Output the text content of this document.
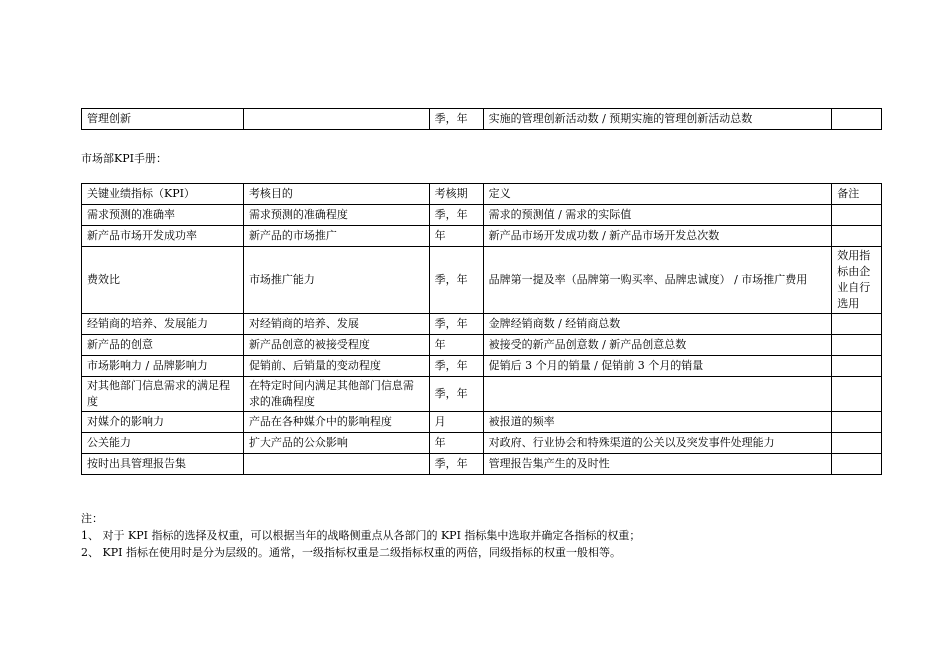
管理创新		季，年	实施的管理创新活动数 / 预期实施的管理创新活动总数	
市场部KPI手册：
关键业绩指标（KPI）	考核目的	考核期	定义	备注
需求预测的准确率	需求预测的准确程度	季，年	需求的预测值 / 需求的实际值	
新产品市场开发成功率	新产品的市场推广	年	新产品市场开发成功数 / 新产品市场开发总次数	
费效比	市场推广能力	季，年	品牌第一提及率（品牌第一购买率、品牌忠诚度） / 市场推广费用	效用指标由企业自行选用
经销商的培养、发展能力	对经销商的培养、发展	季，年	金牌经销商数 / 经销商总数	
新产品的创意	新产品创意的被接受程度	年	被接受的新产品创意数 / 新产品创意总数	
市场影响力 / 品牌影响力	促销前、后销量的变动程度	季，年	促销后 3 个月的销量 / 促销前 3 个月的销量	
对其他部门信息需求的满足程度	在特定时间内满足其他部门信息需求的准确程度	季，年		
对媒介的影响力	产品在各种媒介中的影响程度	月	被报道的频率	
公关能力	扩大产品的公众影响	年	对政府、行业协会和特殊渠道的公关以及突发事件处理能力	
按时出具管理报告集		季，年	管理报告集产生的及时性	
注：
1、 对于 KPI 指标的选择及权重，可以根据当年的战略侧重点从各部门的 KPI 指标集中选取并确定各指标的权重；
2、 KPI 指标在使用时是分为层级的。通常，一级指标权重是二级指标权重的两倍，同级指标的权重一般相等。
